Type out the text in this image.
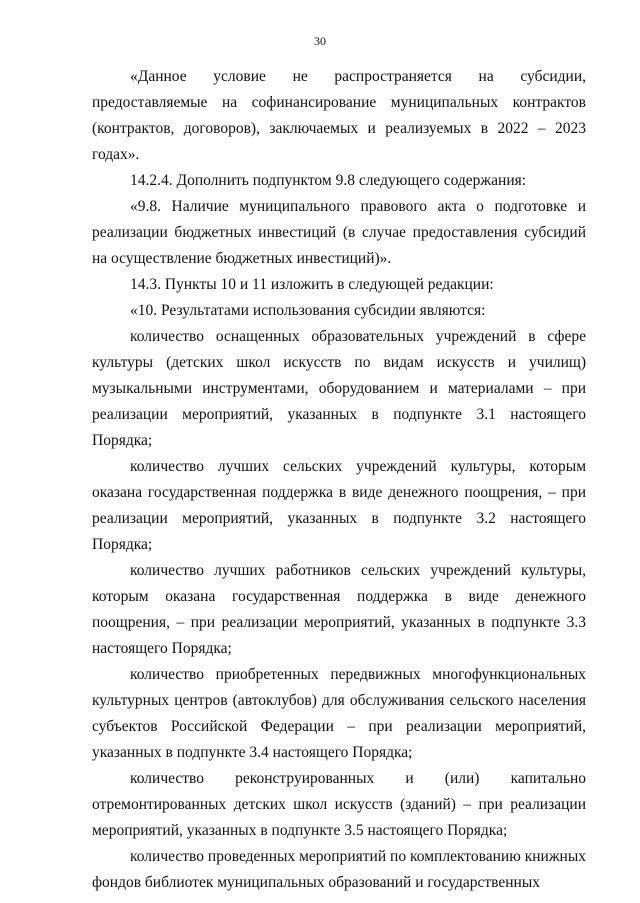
30

«Данное условие не распространяется на субсидии, предоставляемые на софинансирование муниципальных контрактов (контрактов, договоров), заключаемых и реализуемых в 2022 – 2023 годах».

14.2.4. Дополнить подпунктом 9.8 следующего содержания:

«9.8. Наличие муниципального правового акта о подготовке и реализации бюджетных инвестиций (в случае предоставления субсидий на осуществление бюджетных инвестиций)».

14.3. Пункты 10 и 11 изложить в следующей редакции:

«10. Результатами использования субсидии являются:

количество оснащенных образовательных учреждений в сфере культуры (детских школ искусств по видам искусств и училищ) музыкальными инструментами, оборудованием и материалами – при реализации мероприятий, указанных в подпункте 3.1 настоящего Порядка;

количество лучших сельских учреждений культуры, которым оказана государственная поддержка в виде денежного поощрения, – при реализации мероприятий, указанных в подпункте 3.2 настоящего Порядка;

количество лучших работников сельских учреждений культуры, которым оказана государственная поддержка в виде денежного поощрения, – при реализации мероприятий, указанных в подпункте 3.3 настоящего Порядка;

количество приобретенных передвижных многофункциональных культурных центров (автоклубов) для обслуживания сельского населения субъектов Российской Федерации – при реализации мероприятий, указанных в подпункте 3.4 настоящего Порядка;

количество реконструированных и (или) капитально отремонтированных детских школ искусств (зданий) – при реализации мероприятий, указанных в подпункте 3.5 настоящего Порядка;

количество проведенных мероприятий по комплектованию книжных фондов библиотек муниципальных образований и государственных
